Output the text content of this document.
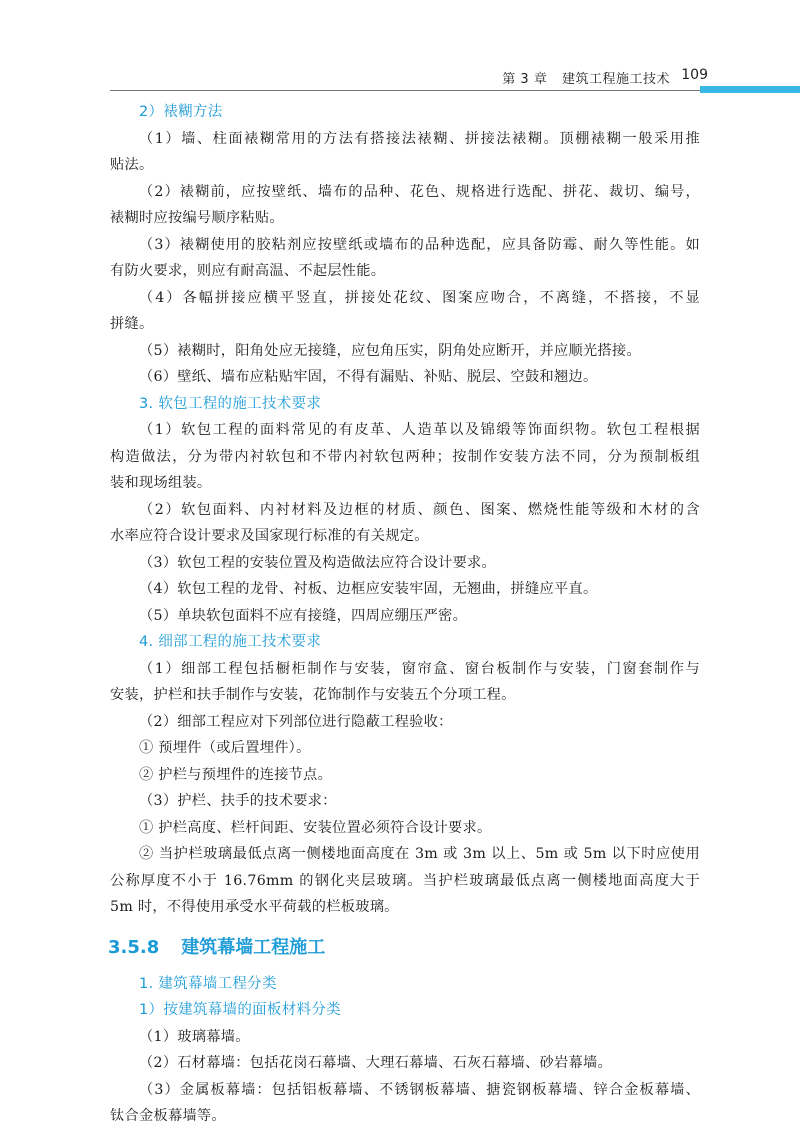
第 3 章 建筑工程施工技术 109
2）裱糊方法
（1）墙、柱面裱糊常用的方法有搭接法裱糊、拼接法裱糊。顶棚裱糊一般采用推
贴法。
（2）裱糊前，应按壁纸、墙布的品种、花色、规格进行选配、拼花、裁切、编号，
裱糊时应按编号顺序粘贴。
（3）裱糊使用的胶粘剂应按壁纸或墙布的品种选配，应具备防霉、耐久等性能。如
有防火要求，则应有耐高温、不起层性能。
（4）各幅拼接应横平竖直，拼接处花纹、图案应吻合，不离缝，不搭接，不显
拼缝。
（5）裱糊时，阳角处应无接缝，应包角压实，阴角处应断开，并应顺光搭接。
（6）壁纸、墙布应粘贴牢固，不得有漏贴、补贴、脱层、空鼓和翘边。
3. 软包工程的施工技术要求
（1）软包工程的面料常见的有皮革、人造革以及锦缎等饰面织物。软包工程根据
构造做法，分为带内衬软包和不带内衬软包两种；按制作安装方法不同，分为预制板组
装和现场组装。
（2）软包面料、内衬材料及边框的材质、颜色、图案、燃烧性能等级和木材的含
水率应符合设计要求及国家现行标准的有关规定。
（3）软包工程的安装位置及构造做法应符合设计要求。
（4）软包工程的龙骨、衬板、边框应安装牢固，无翘曲，拼缝应平直。
（5）单块软包面料不应有接缝，四周应绷压严密。
4. 细部工程的施工技术要求
（1）细部工程包括橱柜制作与安装，窗帘盒、窗台板制作与安装，门窗套制作与
安装，护栏和扶手制作与安装，花饰制作与安装五个分项工程。
（2）细部工程应对下列部位进行隐蔽工程验收：
① 预埋件（或后置埋件）。
② 护栏与预埋件的连接节点。
（3）护栏、扶手的技术要求：
① 护栏高度、栏杆间距、安装位置必须符合设计要求。
② 当护栏玻璃最低点离一侧楼地面高度在 3m 或 3m 以上、5m 或 5m 以下时应使用
公称厚度不小于 16.76mm 的钢化夹层玻璃。当护栏玻璃最低点离一侧楼地面高度大于
5m 时，不得使用承受水平荷载的栏板玻璃。
3.5.8 建筑幕墙工程施工
1. 建筑幕墙工程分类
1）按建筑幕墙的面板材料分类
（1）玻璃幕墙。
（2）石材幕墙：包括花岗石幕墙、大理石幕墙、石灰石幕墙、砂岩幕墙。
（3）金属板幕墙：包括铝板幕墙、不锈钢板幕墙、搪瓷钢板幕墙、锌合金板幕墙、
钛合金板幕墙等。
